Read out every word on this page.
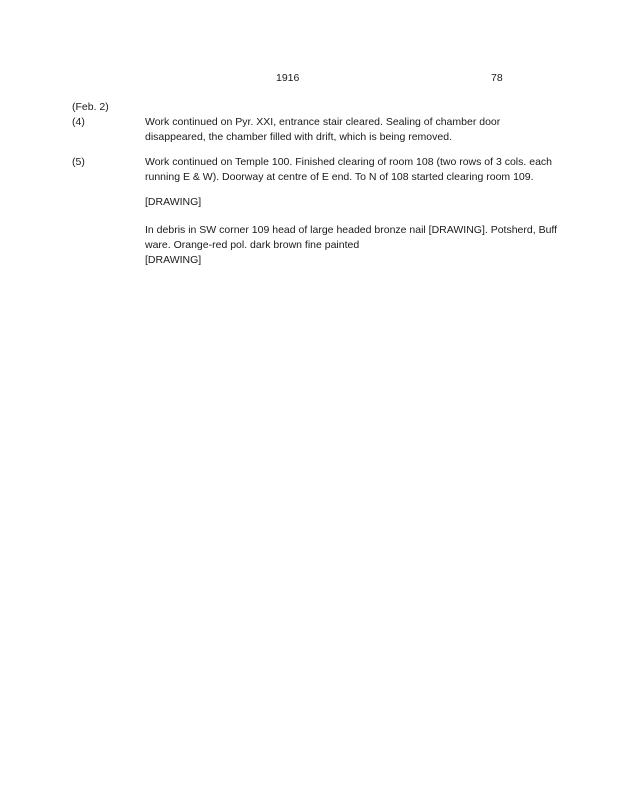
1916	78
(Feb. 2)
(4)	Work continued on Pyr. XXI, entrance stair cleared. Sealing of chamber door
disappeared, the chamber filled with drift, which is being removed.
(5)	Work continued on Temple 100. Finished clearing of room 108 (two rows of 3 cols. each
running E & W). Doorway at centre of E end. To N of 108 started clearing room 109.
[DRAWING]
In debris in SW corner 109 head of large headed bronze nail [DRAWING]. Potsherd, Buff
ware. Orange-red pol. dark brown fine painted
[DRAWING]
